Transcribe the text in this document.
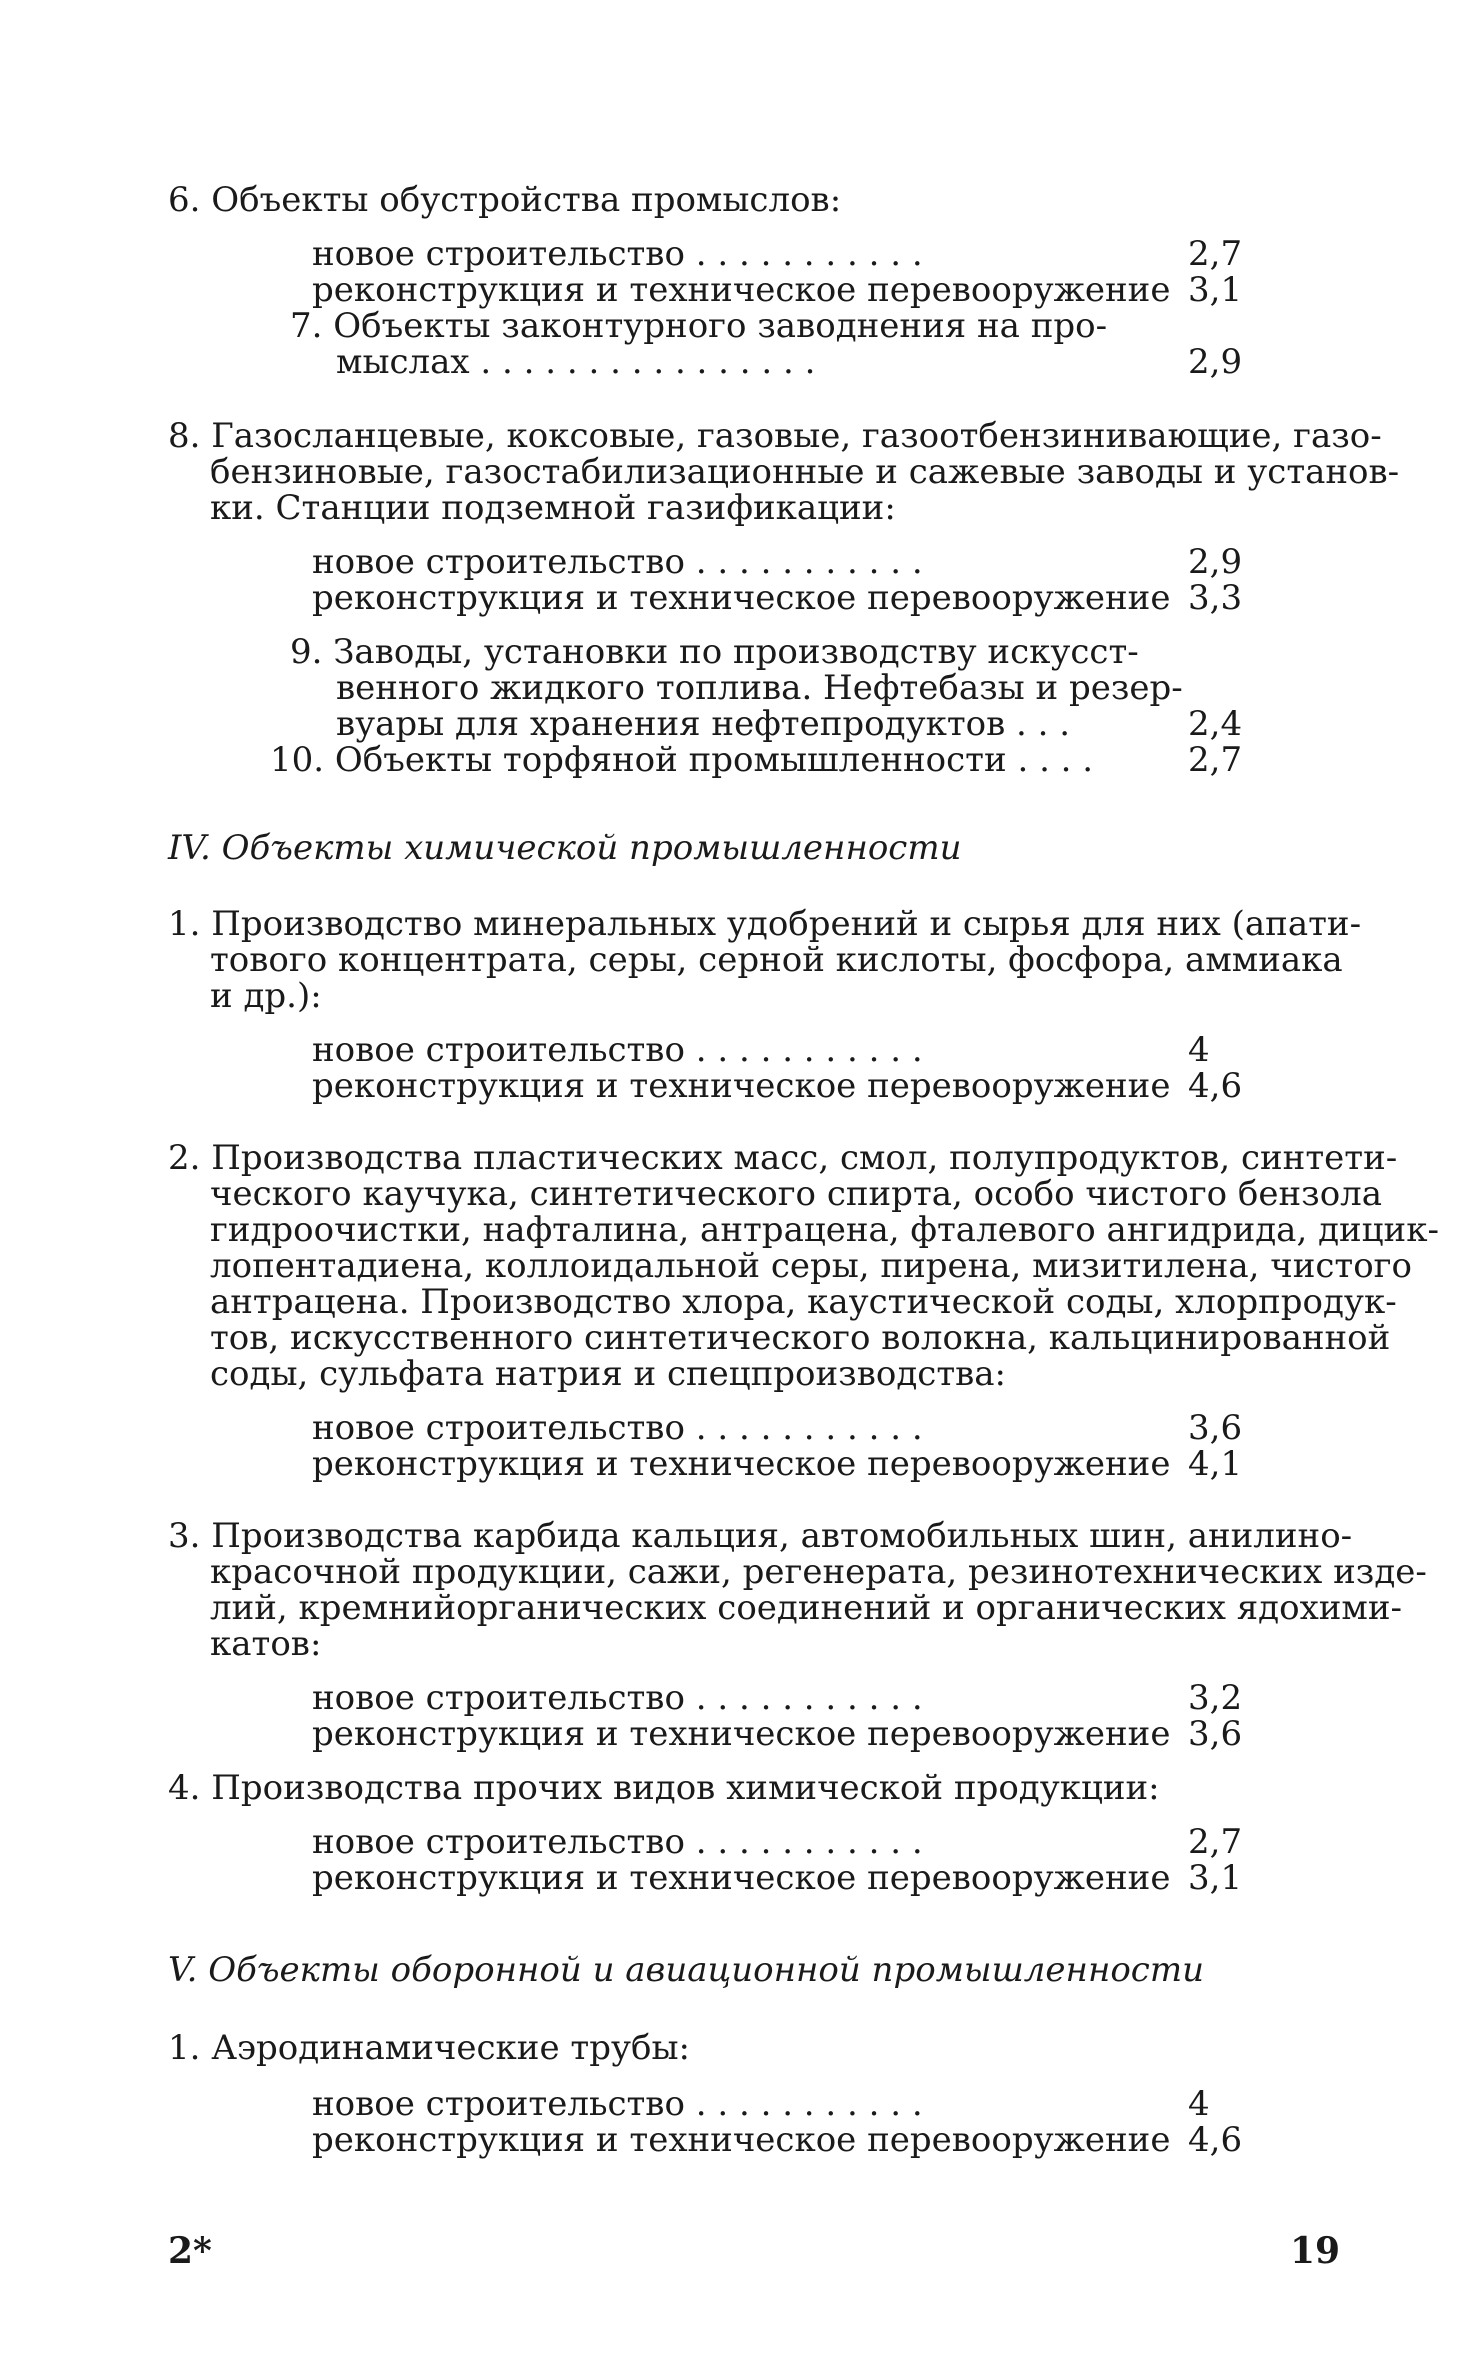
6. Объекты обустройства промыслов:
новое строительство . . . . . . . . . . .	2,7
реконструкция и техническое перевооружение 3,1
7. Объекты законтурного заводнения на про-
мыслах . . . . . . . . . . . . . . . .	2,9
8. Газосланцевые, коксовые, газовые, газоотбензинивающие, газо-
бензиновые, газостабилизационные и сажевые заводы и установ-
ки. Станции подземной газификации:
новое строительство . . . . . . . . . . .	2,9
реконструкция и техническое перевооружение 3,3
9. Заводы, установки по производству искусст-
венного жидкого топлива. Нефтебазы и резер-
вуары для хранения нефтепродуктов . . .	2,4
10. Объекты торфяной промышленности . . . .	2,7
IV. Объекты химической промышленности
1. Производство минеральных удобрений и сырья для них (апати-
тового концентрата, серы, серной кислоты, фосфора, аммиака
и др.):
новое строительство . . . . . . . . . . .	4
реконструкция и техническое перевооружение 4,6
2. Производства пластических масс, смол, полупродуктов, синтети-
ческого каучука, синтетического спирта, особо чистого бензола
гидроочистки, нафталина, антрацена, фталевого ангидрида, дицик-
лопентадиена, коллоидальной серы, пирена, мизитилена, чистого
антрацена. Производство хлора, каустической соды, хлорпродук-
тов, искусственного синтетического волокна, кальцинированной
соды, сульфата натрия и спецпроизводства:
новое строительство . . . . . . . . . . .	3,6
реконструкция и техническое перевооружение 4,1
3. Производства карбида кальция, автомобильных шин, анилино-
красочной продукции, сажи, регенерата, резинотехнических изде-
лий, кремнийорганических соединений и органических ядохими-
катов:
новое строительство . . . . . . . . . . .	3,2
реконструкция и техническое перевооружение 3,6
4. Производства прочих видов химической продукции:
новое строительство . . . . . . . . . . .	2,7
реконструкция и техническое перевооружение 3,1
V. Объекты оборонной и авиационной промышленности
1. Аэродинамические трубы:
новое строительство . . . . . . . . . . .	4
реконструкция и техническое перевооружение 4,6
2*	19
